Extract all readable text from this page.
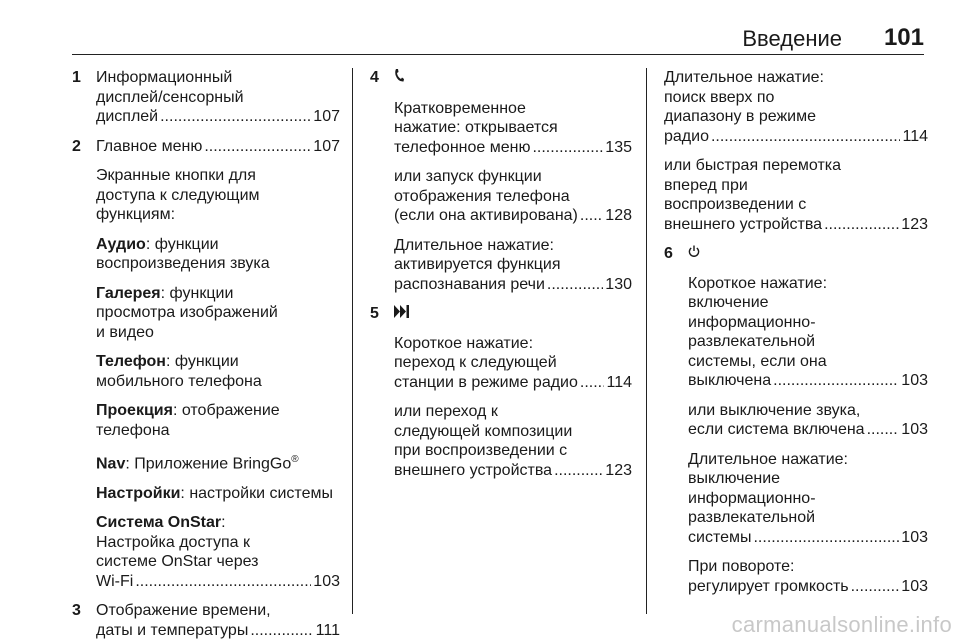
Введение 101
1 Информационный
дисплей/сенсорный
дисплей .....	107
2 Главное меню .....	107
Экранные кнопки для
доступа к следующим
функциям:
Аудио: функции
воспроизведения звука
Галерея: функции
просмотра изображений
и видео
Телефон: функции
мобильного телефона
Проекция: отображение
телефона
Nav: Приложение BringGo®
Настройки: настройки системы
Система OnStar:
Настройка доступа к
системе OnStar через
Wi-Fi .....	103
3 Отображение времени,
даты и температуры .....	111
4
Кратковременное
нажатие: открывается
телефонное меню .....	135
или запуск функции
отображения телефона
(если она активирована) ..... 128
Длительное нажатие:
активируется функция
распознавания речи .....	130
5
Короткое нажатие:
переход к следующей
станции в режиме радио ..... 114
или переход к
следующей композиции
при воспроизведении с
внешнего устройства .....	123
Длительное нажатие:
поиск вверх по
диапазону в режиме
радио .....	114
или быстрая перемотка
вперед при
воспроизведении с
внешнего устройства .....	123
6
Короткое нажатие:
включение
информационно-
развлекательной
системы, если она
выключена .....	103
или выключение звука,
если система включена ..... 103
Длительное нажатие:
выключение
информационно-
развлекательной
системы .....	103
При повороте:
регулирует громкость .....	103
carmanualsonline.info
